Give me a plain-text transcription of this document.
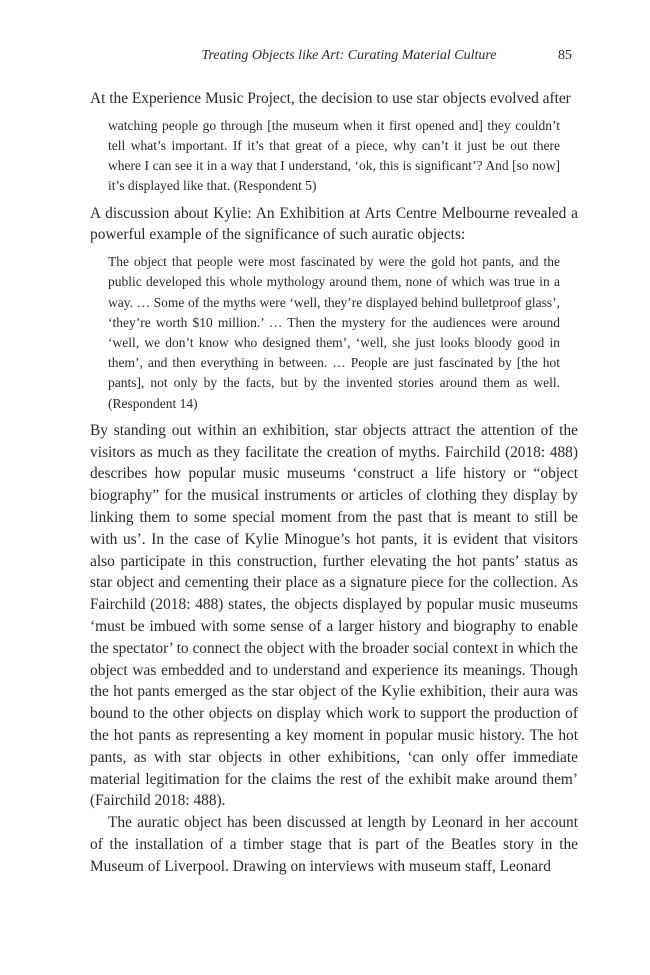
Treating Objects like Art: Curating Material Culture	85

At the Experience Music Project, the decision to use star objects evolved after

watching people go through [the museum when it first opened and] they couldn’t tell what’s important. If it’s that great of a piece, why can’t it just be out there where I can see it in a way that I understand, ‘ok, this is significant’? And [so now] it’s displayed like that. (Respondent 5)

A discussion about Kylie: An Exhibition at Arts Centre Melbourne revealed a powerful example of the significance of such auratic objects:

The object that people were most fascinated by were the gold hot pants, and the public developed this whole mythology around them, none of which was true in a way. … Some of the myths were ‘well, they’re displayed behind bulletproof glass’, ‘they’re worth $10 million.’ … Then the mystery for the audiences were around ‘well, we don’t know who designed them’, ‘well, she just looks bloody good in them’, and then everything in between. … People are just fascinated by [the hot pants], not only by the facts, but by the invented stories around them as well. (Respondent 14)

By standing out within an exhibition, star objects attract the attention of the visitors as much as they facilitate the creation of myths. Fairchild (2018: 488) describes how popular music museums ‘construct a life history or “object biography” for the musical instruments or articles of clothing they display by linking them to some special moment from the past that is meant to still be with us’. In the case of Kylie Minogue’s hot pants, it is evident that visitors also participate in this construction, further elevating the hot pants’ status as star object and cementing their place as a signature piece for the collection. As Fairchild (2018: 488) states, the objects displayed by popular music museums ‘must be imbued with some sense of a larger history and biography to enable the spectator’ to connect the object with the broader social context in which the object was embedded and to understand and experience its meanings. Though the hot pants emerged as the star object of the Kylie exhibition, their aura was bound to the other objects on display which work to support the production of the hot pants as representing a key moment in popular music history. The hot pants, as with star objects in other exhibitions, ‘can only offer immediate material legitimation for the claims the rest of the exhibit make around them’ (Fairchild 2018: 488).

The auratic object has been discussed at length by Leonard in her account of the installation of a timber stage that is part of the Beatles story in the Museum of Liverpool. Drawing on interviews with museum staff, Leonard
